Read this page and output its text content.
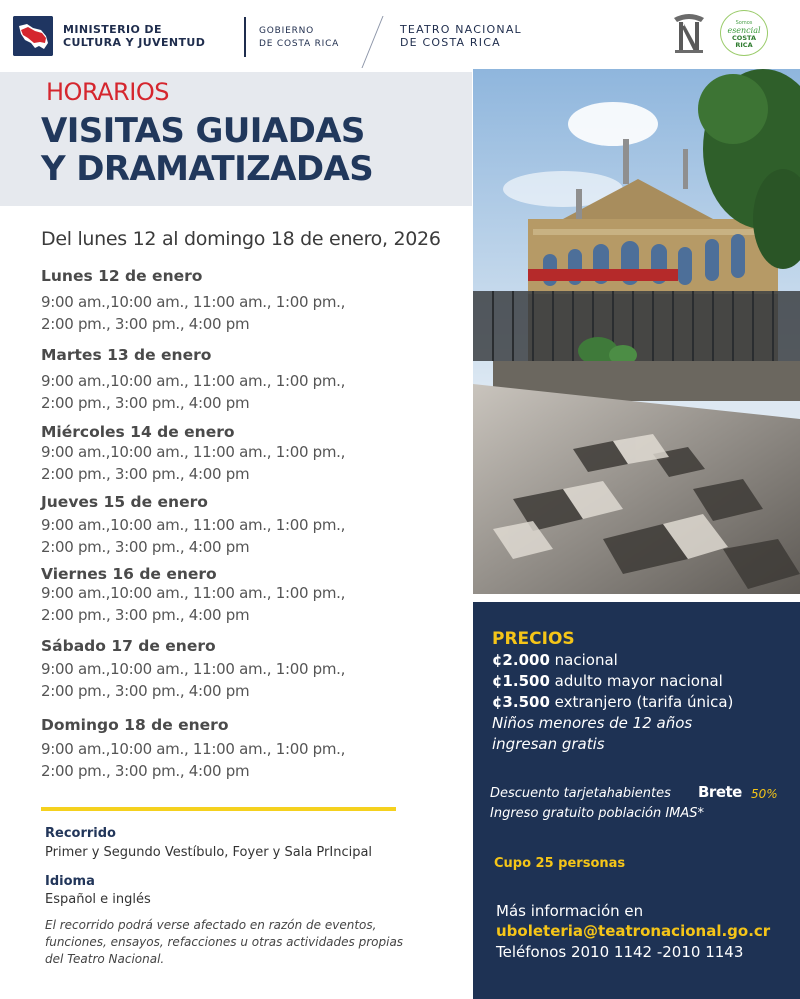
MINISTERIO DE
CULTURA Y JUVENTUD
GOBIERNO
DE COSTA RICA
TEATRO NACIONAL
DE COSTA RICA
Somos
esencial
COSTA
RICA
HORARIOS
VISITAS GUIADAS
Y DRAMATIZADAS
Del lunes 12 al domingo 18 de enero, 2026
Lunes 12 de enero
9:00 am.,10:00 am., 11:00 am., 1:00 pm.,
2:00 pm., 3:00 pm., 4:00 pm
Martes 13 de enero
9:00 am.,10:00 am., 11:00 am., 1:00 pm.,
2:00 pm., 3:00 pm., 4:00 pm
Miércoles 14 de enero
9:00 am.,10:00 am., 11:00 am., 1:00 pm.,
2:00 pm., 3:00 pm., 4:00 pm
Jueves 15 de enero
9:00 am.,10:00 am., 11:00 am., 1:00 pm.,
2:00 pm., 3:00 pm., 4:00 pm
Viernes 16 de enero
9:00 am.,10:00 am., 11:00 am., 1:00 pm.,
2:00 pm., 3:00 pm., 4:00 pm
Sábado 17 de enero
9:00 am.,10:00 am., 11:00 am., 1:00 pm.,
2:00 pm., 3:00 pm., 4:00 pm
Domingo 18 de enero
9:00 am.,10:00 am., 11:00 am., 1:00 pm.,
2:00 pm., 3:00 pm., 4:00 pm
Recorrido
Primer y Segundo Vestíbulo, Foyer y Sala PrIncipal
Idioma
Español e inglés
El recorrido podrá verse afectado en razón de eventos, funciones, ensayos, refacciones u otras actividades propias del Teatro Nacional.
PRECIOS
¢2.000 nacional
¢1.500 adulto mayor nacional
¢3.500 extranjero (tarifa única)
Niños menores de 12 años
ingresan gratis
Descuento tarjetahabientes Brete 50%
Ingreso gratuito población IMAS*
Cupo 25 personas
Más información en
uboleteria@teatronacional.go.cr
Teléfonos 2010 1142 -2010 1143
